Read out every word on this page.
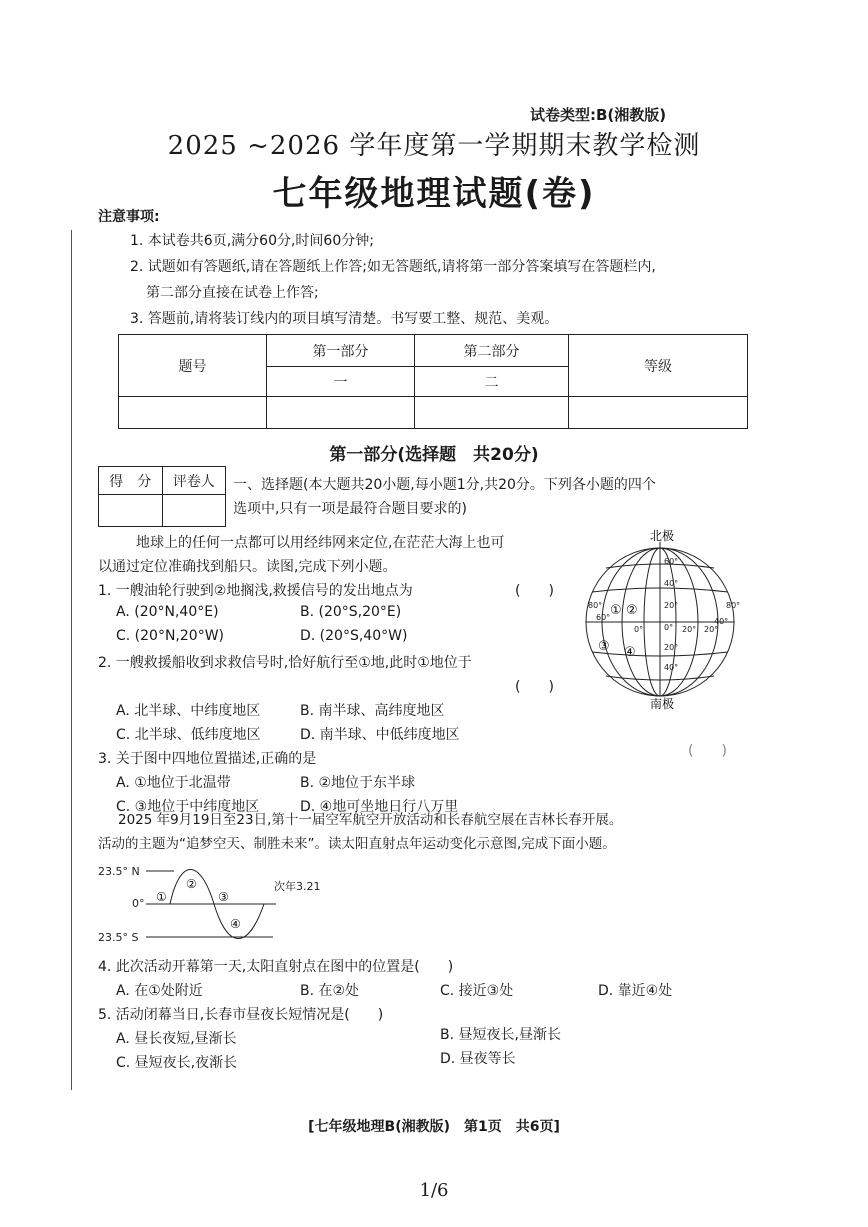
试卷类型:B(湘教版)
2025 ~2026 学年度第一学期期末教学检测
七年级地理试题(卷)
注意事项:
1. 本试卷共6页,满分60分,时间60分钟;
2. 试题如有答题纸,请在答题纸上作答;如无答题纸,请将第一部分答案填写在答题栏内,
第二部分直接在试卷上作答;
3. 答题前,请将装订线内的项目填写清楚。书写要工整、规范、美观。
题号	第一部分	第二部分	等级
	一	二	

第一部分(选择题　共20分)
得　分	评卷人
	一、选择题(本大题共20小题,每小题1分,共20分。下列各小题的四个
选项中,只有一项是最符合题目要求的)
地球上的任何一点都可以用经纬网来定位,在茫茫大海上也可
以通过定位准确找到船只。读图,完成下列小题。
1. 一艘油轮行驶到②地搁浅,救援信号的发出地点为	(　　)
A. (20°N,40°E)	B. (20°S,20°E)
C. (20°N,20°W)	D. (20°S,40°W)
2. 一艘救援船收到求救信号时,恰好航行至①地,此时①地位于
(　　)
A. 北半球、中纬度地区	B. 南半球、高纬度地区
C. 北半球、低纬度地区	D. 南半球、中低纬度地区
3. 关于图中四地位置描述,正确的是	(　　)
A. ①地位于北温带	B. ②地位于东半球
C. ③地位于中纬度地区	D. ④地可坐地日行八万里
2025 年9月19日至23日,第十一届空军航空开放活动和长春航空展在吉林长春开展。
活动的主题为“追梦空天、制胜未来”。读太阳直射点年运动变化示意图,完成下面小题。
北极
60°
40°
20°
0°
20°
40°
60°
80°	80°
20°
0°	20°
40°
① ②
③ ④
南极
23.5° N
0°
23.5° S
次年3.21
①
②
③
④
4. 此次活动开幕第一天,太阳直射点在图中的位置是(　　)
A. 在①处附近	B. 在②处	C. 接近③处	D. 靠近④处
5. 活动闭幕当日,长春市昼夜长短情况是(　　)
A. 昼长夜短,昼渐长	B. 昼短夜长,昼渐长
C. 昼短夜长,夜渐长	D. 昼夜等长
[七年级地理B(湘教版)　第1页　共6页]
1/6
